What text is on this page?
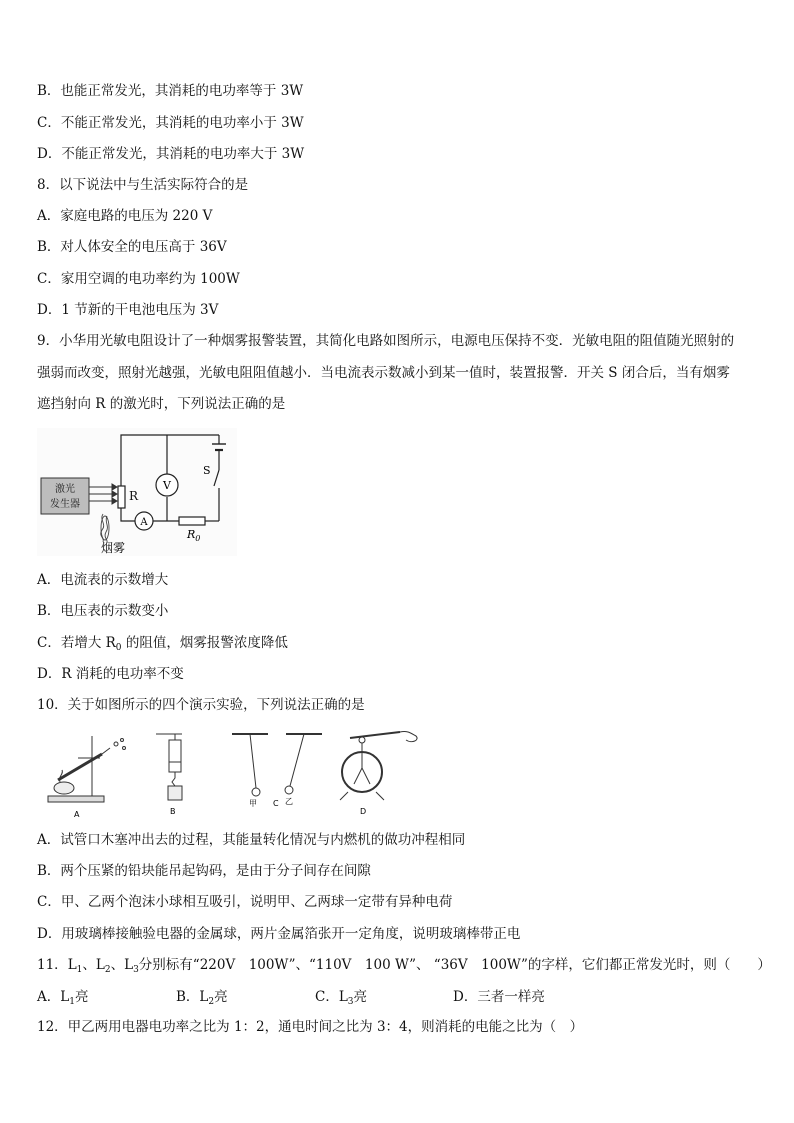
B．也能正常发光，其消耗的电功率等于 3W
C．不能正常发光，其消耗的电功率小于 3W
D．不能正常发光，其消耗的电功率大于 3W
8．以下说法中与生活实际符合的是
A．家庭电路的电压为 220 V
B．对人体安全的电压高于 36V
C．家用空调的电功率约为 100W
D．1 节新的干电池电压为 3V
9．小华用光敏电阻设计了一种烟雾报警装置，其简化电路如图所示，电源电压保持不变．光敏电阻的阻值随光照射的
强弱而改变，照射光越强，光敏电阻阻值越小．当电流表示数减小到某一值时，装置报警．开关 S 闭合后，当有烟雾
遮挡射向 R 的激光时，下列说法正确的是
激光
发生器
R
V
A
$R_0$
S
烟雾
A．电流表的示数增大
B．电压表的示数变小
C．若增大 $R_0$ 的阻值，烟雾报警浓度降低
D．R 消耗的电功率不变
10．关于如图所示的四个演示实验，下列说法正确的是
A	B
甲 C 乙
D
A．试管口木塞冲出去的过程，其能量转化情况与内燃机的做功冲程相同
B．两个压紧的铅块能吊起钩码，是由于分子间存在间隙
C．甲、乙两个泡沫小球相互吸引，说明甲、乙两球一定带有异种电荷
D．用玻璃棒接触验电器的金属球，两片金属箔张开一定角度，说明玻璃棒带正电
11．$L_1$、$L_2$、$L_3$分别标有“220V　100W”、“110V　100 W”、 “36V　100W”的字样，它们都正常发光时，则（　　）
A．$L_1$亮	B．$L_2$亮	C．$L_3$亮	D．三者一样亮
12．甲乙两用电器电功率之比为 1：2，通电时间之比为 3：4，则消耗的电能之比为（　）
